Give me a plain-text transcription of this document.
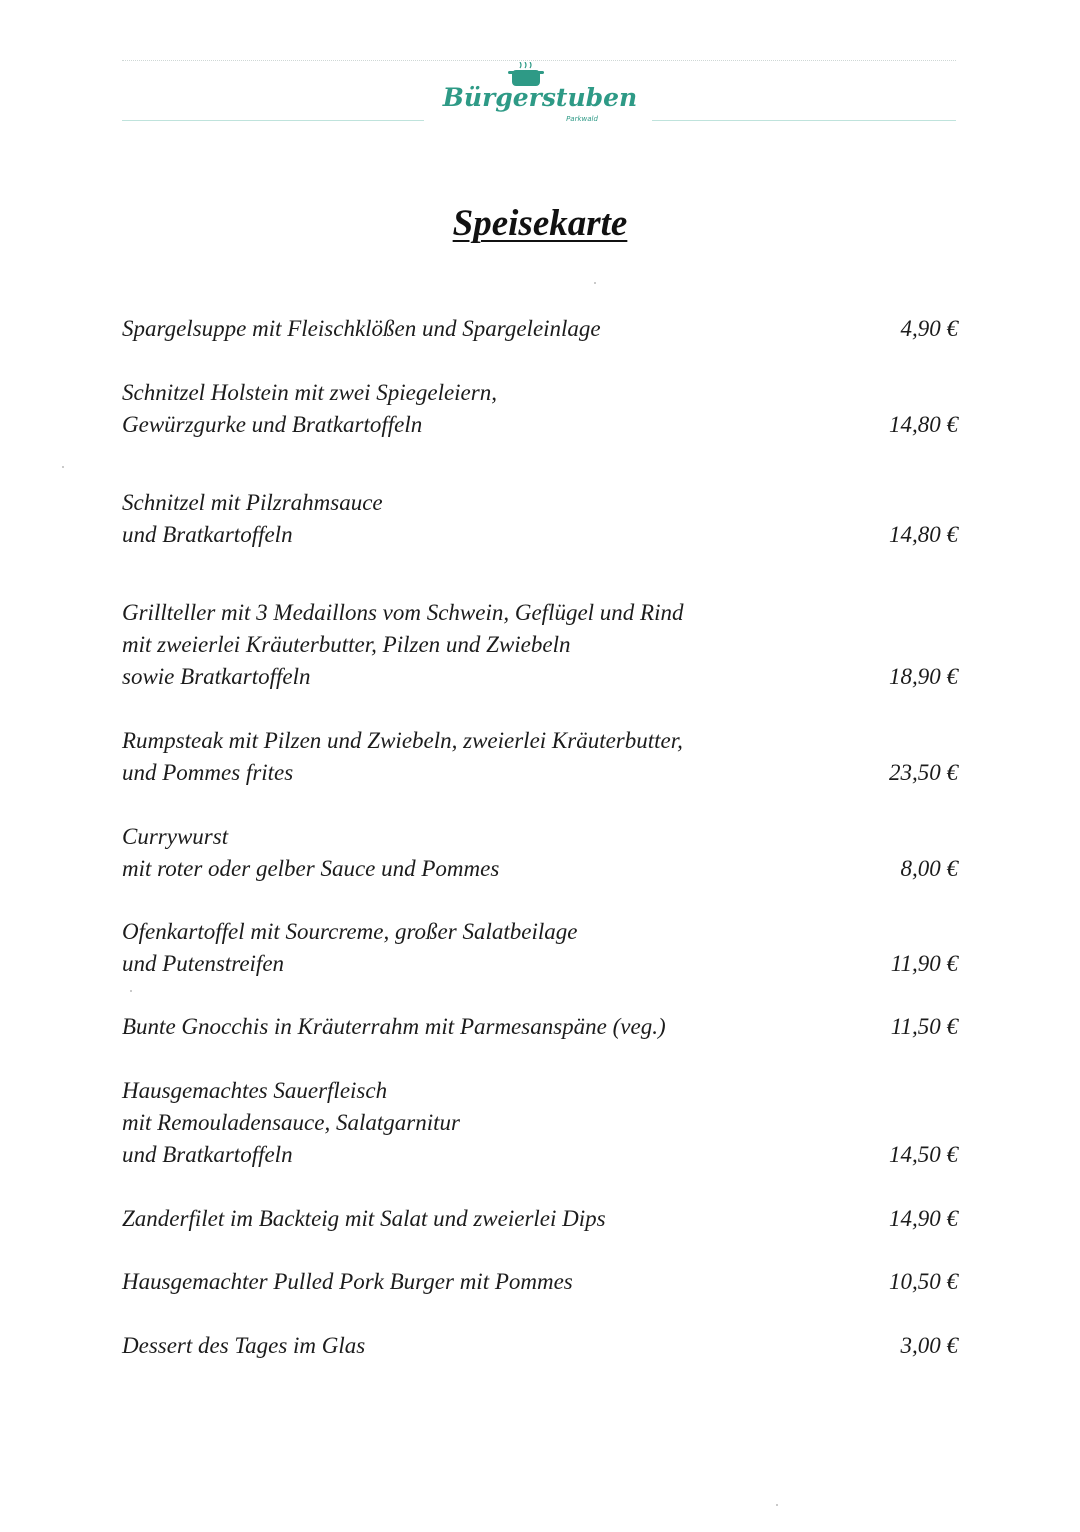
Bürgerstuben
Parkwald
Speisekarte
Spargelsuppe mit Fleischklößen und Spargeleinlage	4,90 €
Schnitzel Holstein mit zwei Spiegeleiern,
Gewürzgurke und Bratkartoffeln	14,80 €
Schnitzel mit Pilzrahmsauce
und Bratkartoffeln	14,80 €
Grillteller mit 3 Medaillons vom Schwein, Geflügel und Rind
mit zweierlei Kräuterbutter, Pilzen und Zwiebeln
sowie Bratkartoffeln	18,90 €
Rumpsteak mit Pilzen und Zwiebeln, zweierlei Kräuterbutter,
und Pommes frites	23,50 €
Currywurst
mit roter oder gelber Sauce und Pommes	8,00 €
Ofenkartoffel mit Sourcreme, großer Salatbeilage
und Putenstreifen	11,90 €
Bunte Gnocchis in Kräuterrahm mit Parmesanspäne (veg.)	11,50 €
Hausgemachtes Sauerfleisch
mit Remouladensauce, Salatgarnitur
und Bratkartoffeln	14,50 €
Zanderfilet im Backteig mit Salat und zweierlei Dips	14,90 €
Hausgemachter Pulled Pork Burger mit Pommes	10,50 €
Dessert des Tages im Glas	3,00 €
